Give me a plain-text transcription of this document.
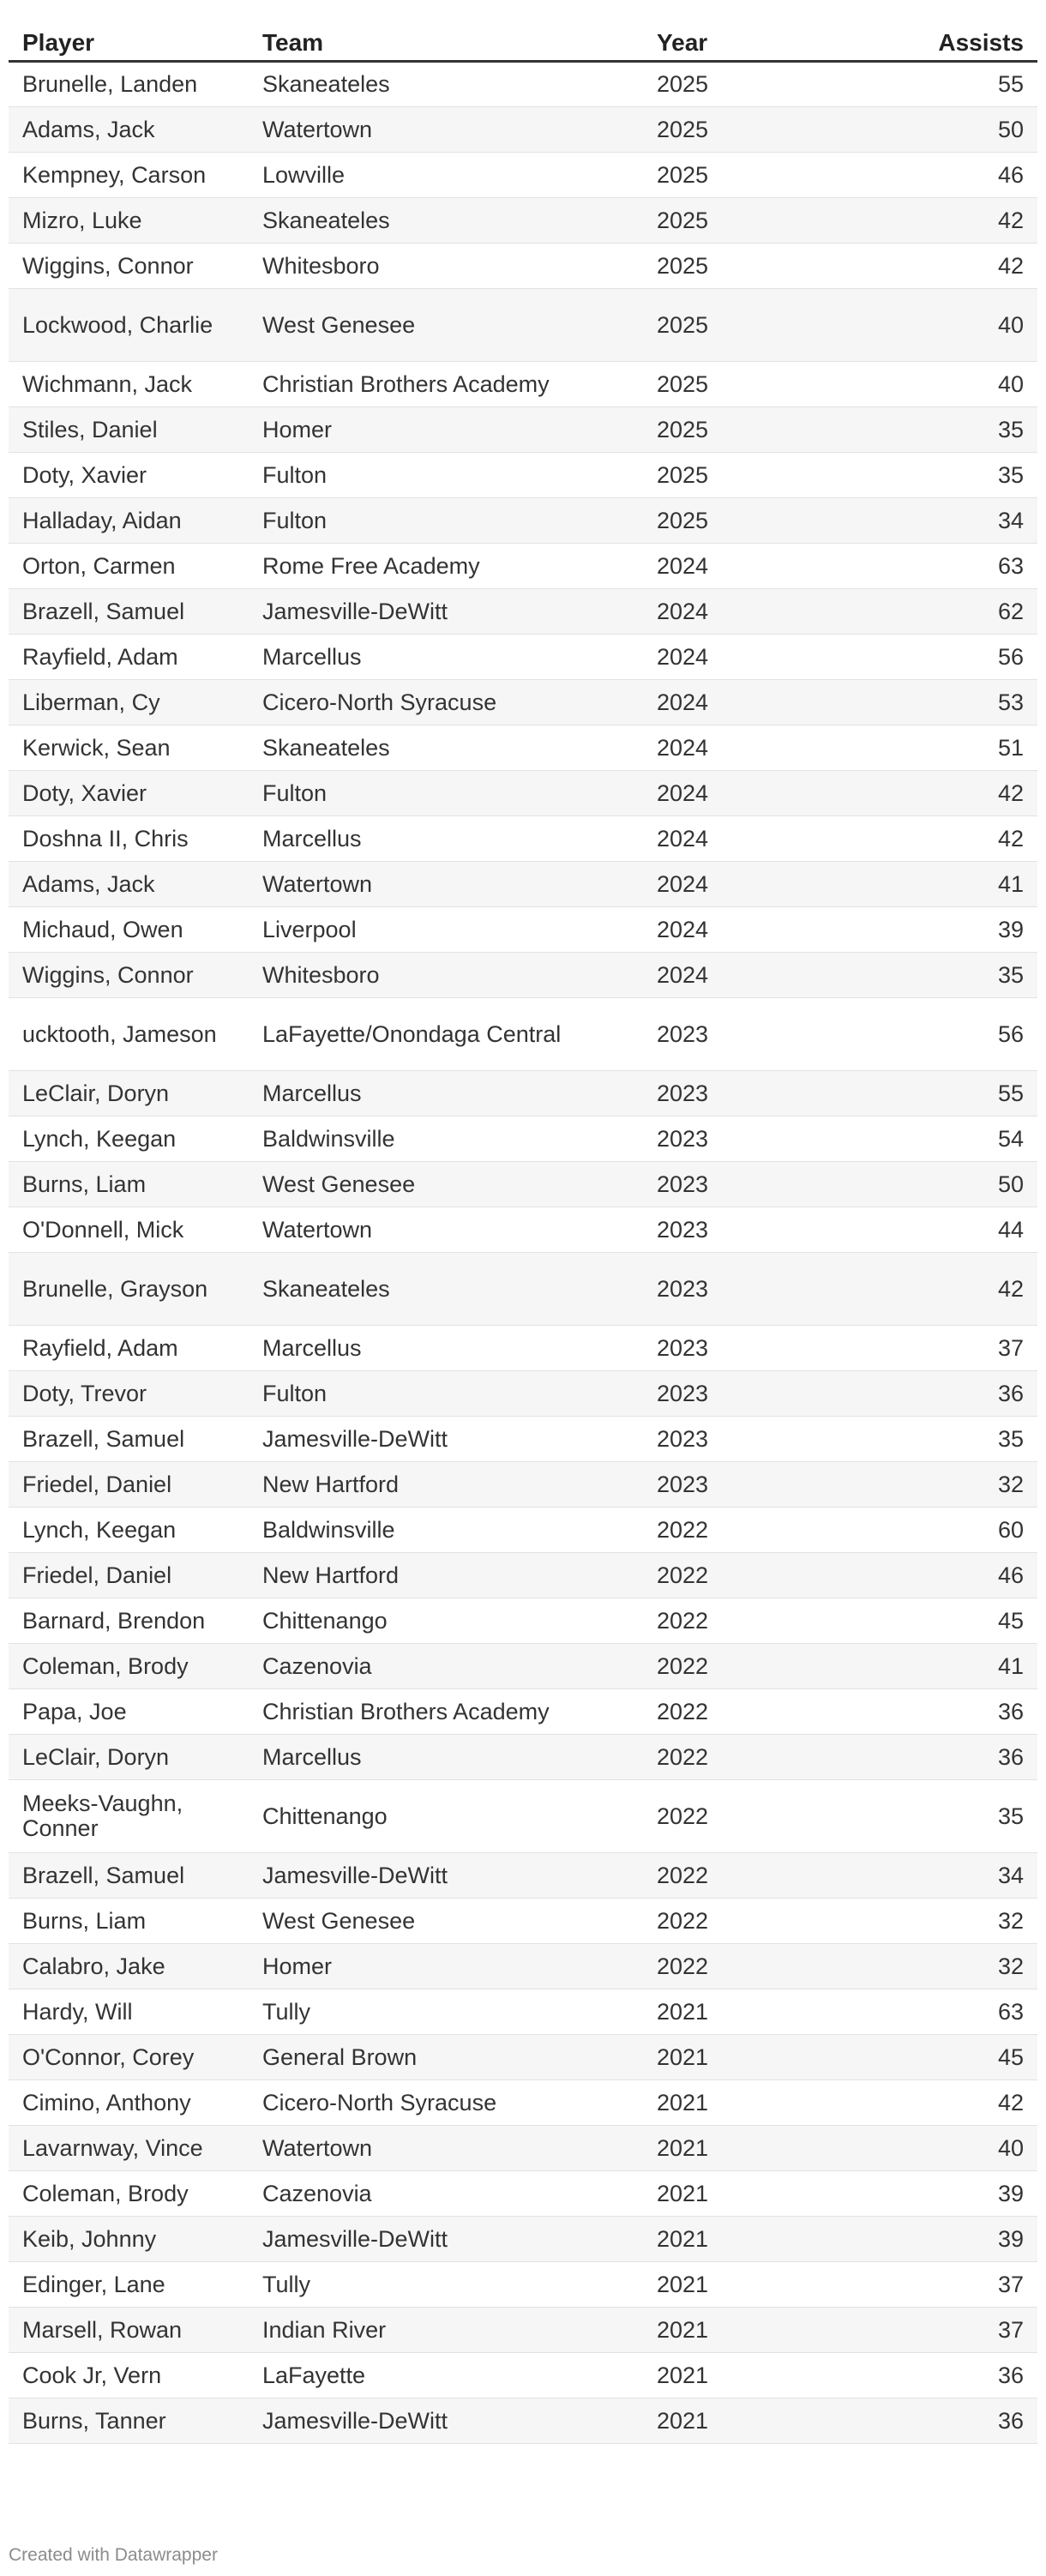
Player	Team	Year	Assists
Brunelle, Landen	Skaneateles	2025	55
Adams, Jack	Watertown	2025	50
Kempney, Carson	Lowville	2025	46
Mizro, Luke	Skaneateles	2025	42
Wiggins, Connor	Whitesboro	2025	42
Lockwood, Charlie	West Genesee	2025	40
Wichmann, Jack	Christian Brothers Academy	2025	40
Stiles, Daniel	Homer	2025	35
Doty, Xavier	Fulton	2025	35
Halladay, Aidan	Fulton	2025	34
Orton, Carmen	Rome Free Academy	2024	63
Brazell, Samuel	Jamesville-DeWitt	2024	62
Rayfield, Adam	Marcellus	2024	56
Liberman, Cy	Cicero-North Syracuse	2024	53
Kerwick, Sean	Skaneateles	2024	51
Doty, Xavier	Fulton	2024	42
Doshna II, Chris	Marcellus	2024	42
Adams, Jack	Watertown	2024	41
Michaud, Owen	Liverpool	2024	39
Wiggins, Connor	Whitesboro	2024	35
ucktooth, Jameson	LaFayette/Onondaga Central	2023	56
LeClair, Doryn	Marcellus	2023	55
Lynch, Keegan	Baldwinsville	2023	54
Burns, Liam	West Genesee	2023	50
O'Donnell, Mick	Watertown	2023	44
Brunelle, Grayson	Skaneateles	2023	42
Rayfield, Adam	Marcellus	2023	37
Doty, Trevor	Fulton	2023	36
Brazell, Samuel	Jamesville-DeWitt	2023	35
Friedel, Daniel	New Hartford	2023	32
Lynch, Keegan	Baldwinsville	2022	60
Friedel, Daniel	New Hartford	2022	46
Barnard, Brendon	Chittenango	2022	45
Coleman, Brody	Cazenovia	2022	41
Papa, Joe	Christian Brothers Academy	2022	36
LeClair, Doryn	Marcellus	2022	36
Meeks-Vaughn, Conner	Chittenango	2022	35
Brazell, Samuel	Jamesville-DeWitt	2022	34
Burns, Liam	West Genesee	2022	32
Calabro, Jake	Homer	2022	32
Hardy, Will	Tully	2021	63
O'Connor, Corey	General Brown	2021	45
Cimino, Anthony	Cicero-North Syracuse	2021	42
Lavarnway, Vince	Watertown	2021	40
Coleman, Brody	Cazenovia	2021	39
Keib, Johnny	Jamesville-DeWitt	2021	39
Edinger, Lane	Tully	2021	37
Marsell, Rowan	Indian River	2021	37
Cook Jr, Vern	LaFayette	2021	36
Burns, Tanner	Jamesville-DeWitt	2021	36
Created with Datawrapper
